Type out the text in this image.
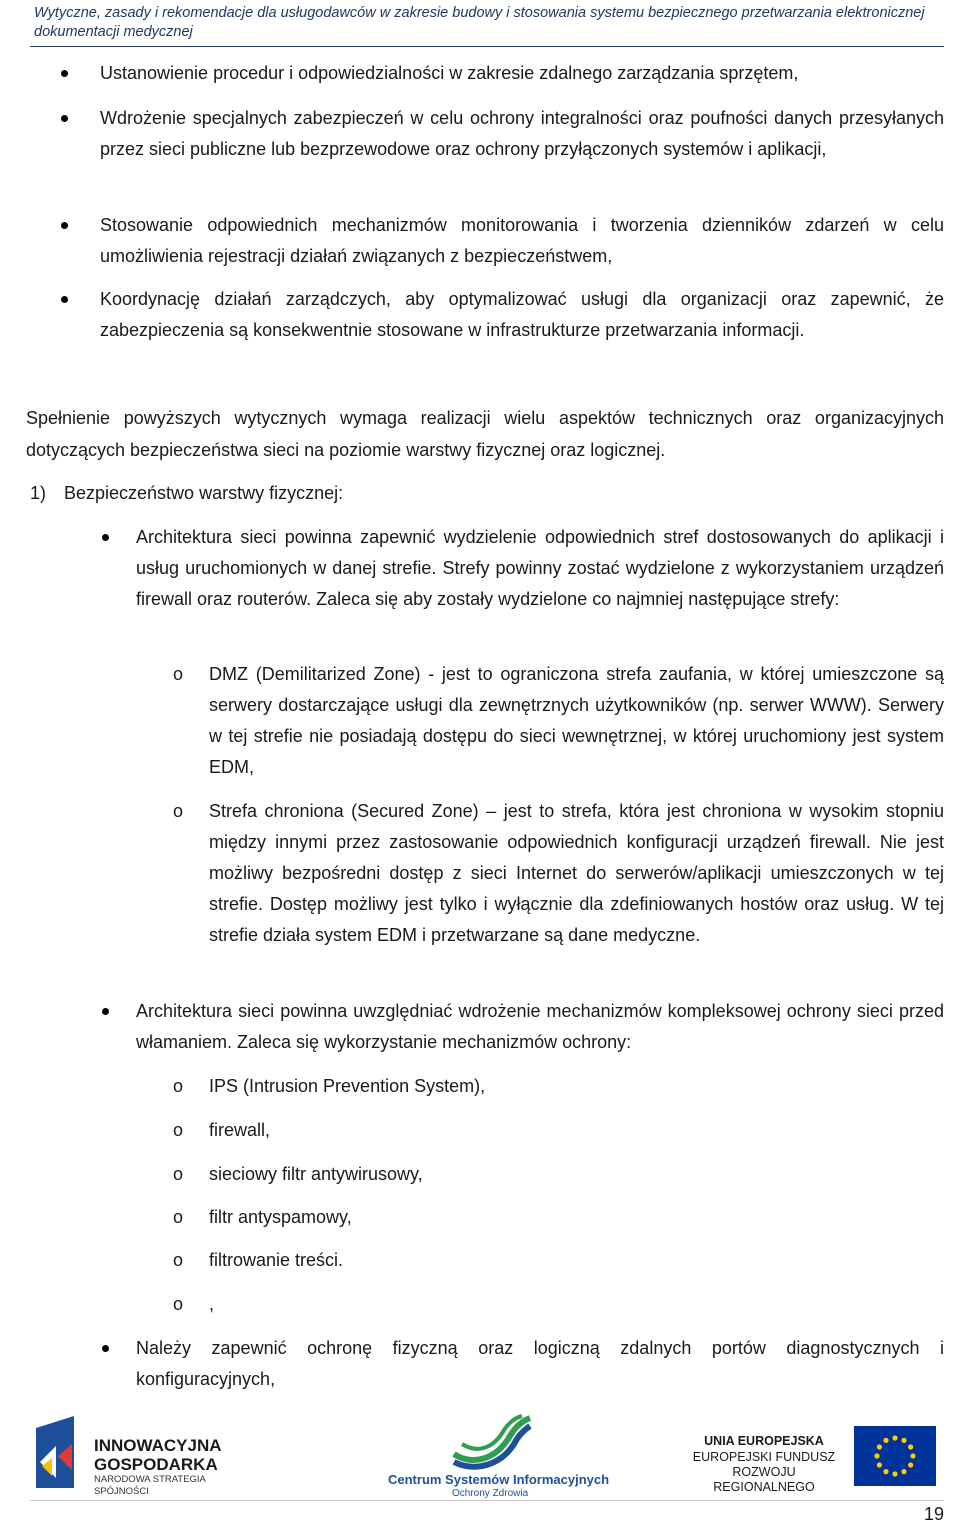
Wytyczne, zasady i rekomendacje dla usługodawców w zakresie budowy i stosowania systemu bezpiecznego przetwarzania elektronicznej dokumentacji medycznej
Ustanowienie procedur i odpowiedzialności w zakresie zdalnego zarządzania sprzętem,
Wdrożenie specjalnych zabezpieczeń w celu ochrony integralności oraz poufności danych przesyłanych przez sieci publiczne lub bezprzewodowe oraz ochrony przyłączonych systemów i aplikacji,
Stosowanie odpowiednich mechanizmów monitorowania i tworzenia dzienników zdarzeń w celu umożliwienia rejestracji działań związanych z bezpieczeństwem,
Koordynację działań zarządczych, aby optymalizować usługi dla organizacji oraz zapewnić, że zabezpieczenia są konsekwentnie stosowane w infrastrukturze przetwarzania informacji.
Spełnienie powyższych wytycznych wymaga realizacji wielu aspektów technicznych oraz organizacyjnych dotyczących bezpieczeństwa sieci na poziomie warstwy fizycznej oraz logicznej.
1) Bezpieczeństwo warstwy fizycznej:
Architektura sieci powinna zapewnić wydzielenie odpowiednich stref dostosowanych do aplikacji i usług uruchomionych w danej strefie. Strefy powinny zostać wydzielone z wykorzystaniem urządzeń firewall oraz routerów. Zaleca się aby zostały wydzielone co najmniej następujące strefy:
o DMZ (Demilitarized Zone) - jest to ograniczona strefa zaufania, w której umieszczone są serwery dostarczające usługi dla zewnętrznych użytkowników (np. serwer WWW). Serwery w tej strefie nie posiadają dostępu do sieci wewnętrznej, w której uruchomiony jest system EDM,
o Strefa chroniona (Secured Zone) – jest to strefa, która jest chroniona w wysokim stopniu między innymi przez zastosowanie odpowiednich konfiguracji urządzeń firewall. Nie jest możliwy bezpośredni dostęp z sieci Internet do serwerów/aplikacji umieszczonych w tej strefie. Dostęp możliwy jest tylko i wyłącznie dla zdefiniowanych hostów oraz usług. W tej strefie działa system EDM i przetwarzane są dane medyczne.
Architektura sieci powinna uwzględniać wdrożenie mechanizmów kompleksowej ochrony sieci przed włamaniem. Zaleca się wykorzystanie mechanizmów ochrony:
o IPS (Intrusion Prevention System),
o firewall,
o sieciowy filtr antywirusowy,
o filtr antyspamowy,
o filtrowanie treści.
o ,
Należy zapewnić ochronę fizyczną oraz logiczną zdalnych portów diagnostycznych i konfiguracyjnych,
INNOWACYJNA
GOSPODARKA
NARODOWA STRATEGIA SPÓJNOŚCI
Centrum Systemów Informacyjnych
Ochrony Zdrowia
UNIA EUROPEJSKA
EUROPEJSKI FUNDUSZ
ROZWOJU REGIONALNEGO
19
